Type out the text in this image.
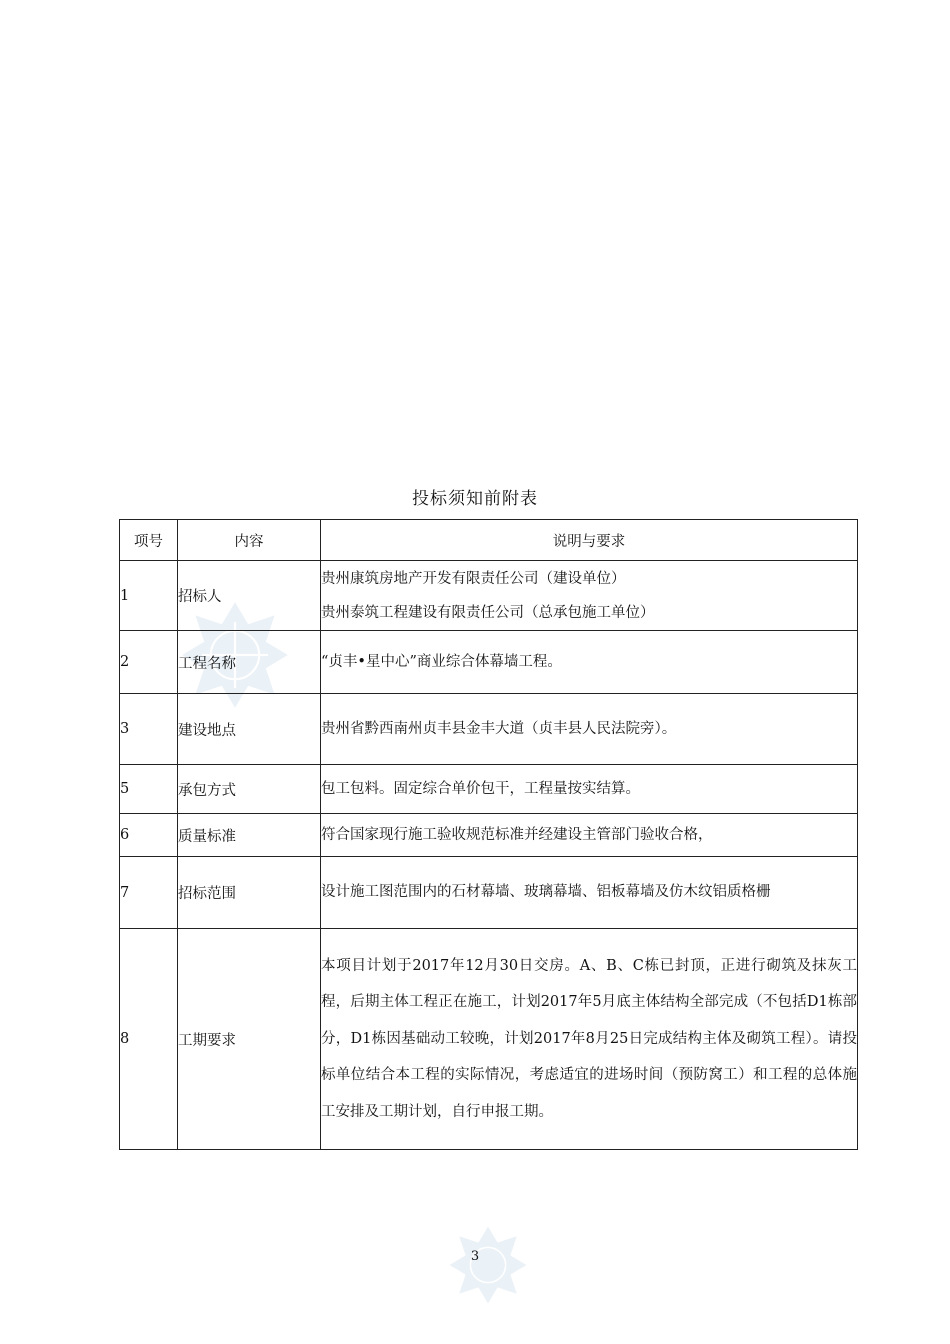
投标须知前附表
项号	内容	说明与要求
1	招标人	贵州康筑房地产开发有限责任公司（建设单位）
贵州泰筑工程建设有限责任公司（总承包施工单位）

2	工程名称	“贞丰•星中心”商业综合体幕墙工程。

3	建设地点	贵州省黔西南州贞丰县金丰大道（贞丰县人民法院旁）。

5	承包方式	包工包料。固定综合单价包干，工程量按实结算。

6	质量标准	符合国家现行施工验收规范标准并经建设主管部门验收合格，

7	招标范围	设计施工图范围内的石材幕墙、玻璃幕墙、铝板幕墙及仿木纹铝质格栅

8	工期要求	本项目计划于2017年12月30日交房。A、B、C栋已封顶，正进行砌筑及抹灰工程，后期主体工程正在施工，计划2017年5月底主体结构全部完成（不包括D1栋部分，D1栋因基础动工较晚，计划2017年8月25日完成结构主体及砌筑工程）。请投标单位结合本工程的实际情况，考虑适宜的进场时间（预防窝工）和工程的总体施工安排及工期计划，自行申报工期。
3
